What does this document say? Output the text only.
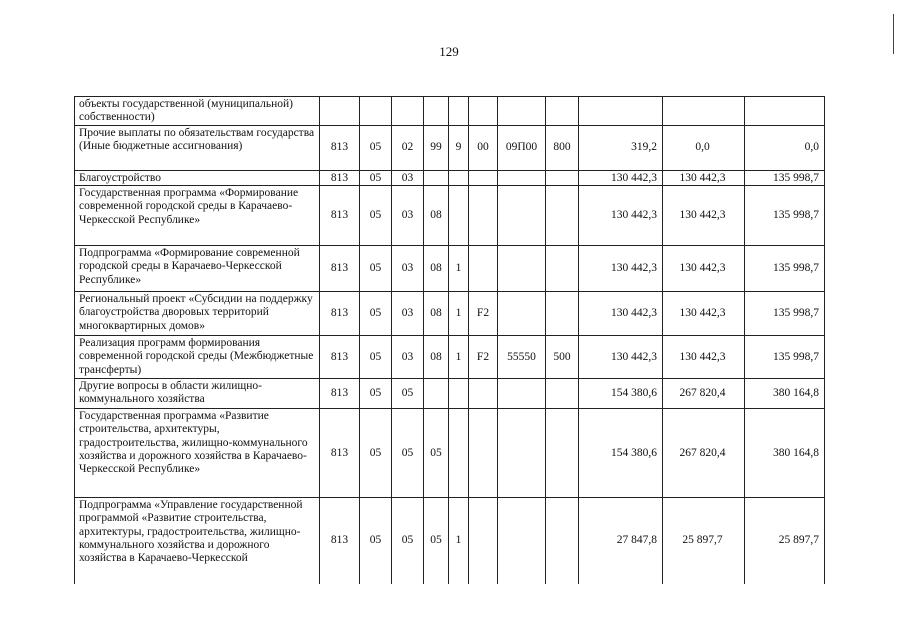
129
объекты государственной (муниципальной) собственности)											
Прочие выплаты по обязательствам государства (Иные бюджетные ассигнования)	813	05	02	99	9	00	09П00	800	319,2	0,0	0,0
Благоустройство	813	05	03						130 442,3	130 442,3	135 998,7
Государственная программа «Формирование современной городской среды в Карачаево-Черкесской Республике»	813	05	03	08					130 442,3	130 442,3	135 998,7
Подпрограмма «Формирование современной городской среды в Карачаево-Черкесской Республике»	813	05	03	08	1				130 442,3	130 442,3	135 998,7
Региональный проект «Субсидии на поддержку благоустройства дворовых территорий многоквартирных домов»	813	05	03	08	1	F2			130 442,3	130 442,3	135 998,7
Реализация программ формирования современной городской среды (Межбюджетные трансферты)	813	05	03	08	1	F2	55550	500	130 442,3	130 442,3	135 998,7
Другие вопросы в области жилищно-коммунального хозяйства	813	05	05						154 380,6	267 820,4	380 164,8
Государственная программа «Развитие строительства, архитектуры, градостроительства, жилищно-коммунального хозяйства и дорожного хозяйства в Карачаево-Черкесской Республике»	813	05	05	05					154 380,6	267 820,4	380 164,8
Подпрограмма «Управление государственной программой «Развитие строительства, архитектуры, градостроительства, жилищно-коммунального хозяйства и дорожного хозяйства в Карачаево-Черкесской	813	05	05	05	1				27 847,8	25 897,7	25 897,7
